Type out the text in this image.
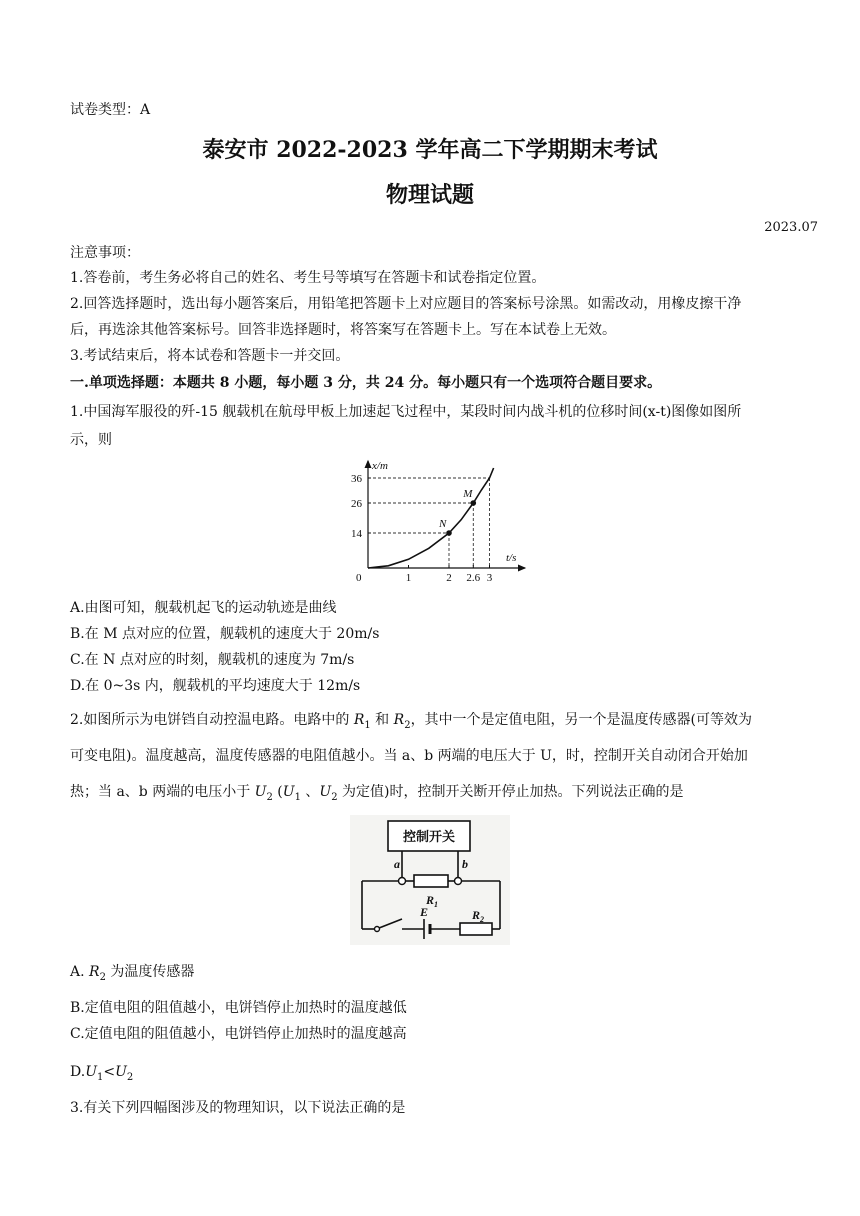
试卷类型：A
泰安市 2022-2023 学年高二下学期期末考试
物理试题
2023.07
注意事项：
1.答卷前，考生务必将自己的姓名、考生号等填写在答题卡和试卷指定位置。
2.回答选择题时，选出每小题答案后，用铅笔把答题卡上对应题目的答案标号涂黑。如需改动，用橡皮擦干净
后，再选涂其他答案标号。回答非选择题时，将答案写在答题卡上。写在本试卷上无效。
3.考试结束后，将本试卷和答题卡一并交回。
一.单项选择题：本题共 8 小题，每小题 3 分，共 24 分。每小题只有一个选项符合题目要求。
1.中国海军服役的歼-15 舰载机在航母甲板上加速起飞过程中，某段时间内战斗机的位移时间(x-t)图像如图所
示，则
x/m
t/s
0	1	2 2.6 3
14
26
36
N
M
A.由图可知，舰载机起飞的运动轨迹是曲线
B.在 M 点对应的位置，舰载机的速度大于 20m/s
C.在 N 点对应的时刻，舰载机的速度为 7m/s
D.在 0~3s 内，舰载机的平均速度大于 12m/s
2.如图所示为电饼铛自动控温电路。电路中的 $R_1$ 和 $R_2$，其中一个是定值电阻，另一个是温度传感器(可等效为
可变电阻)。温度越高，温度传感器的电阻值越小。当 a、b 两端的电压大于 U，时，控制开关自动闭合开始加
热；当 a、b 两端的电压小于 $U_2$ ($U_1$ 、$U_2$ 为定值)时，控制开关断开停止加热。下列说法正确的是
控制开关
a	b
$R_1$
E	$R_2$
A. $R_2$ 为温度传感器
B.定值电阻的阻值越小，电饼铛停止加热时的温度越低
C.定值电阻的阻值越小，电饼铛停止加热时的温度越高
$D.U_1<U_2$
3.有关下列四幅图涉及的物理知识，以下说法正确的是
